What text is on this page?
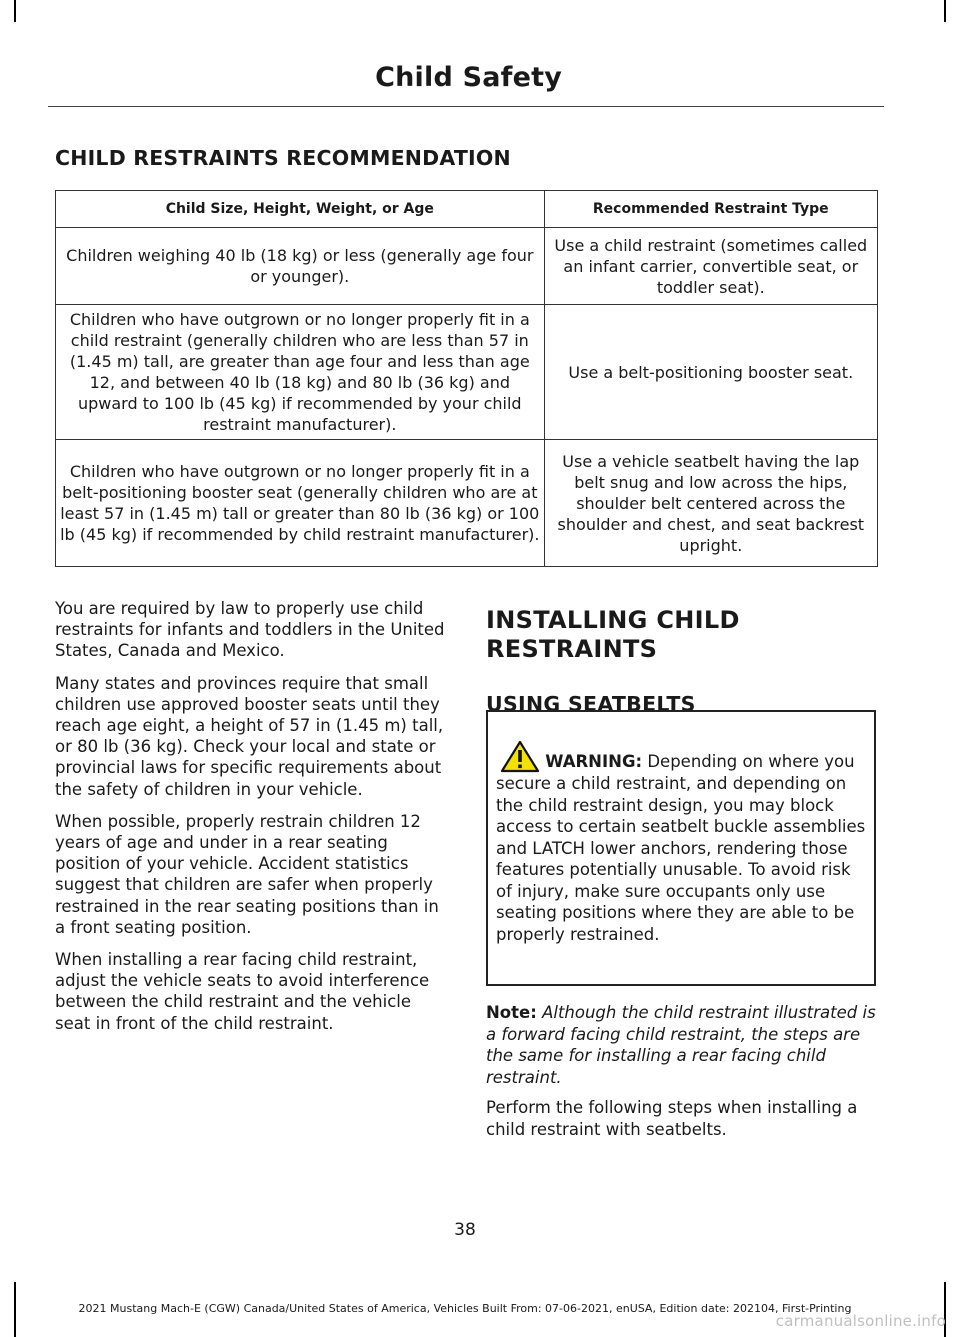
Child Safety
CHILD RESTRAINTS RECOMMENDATION
Child Size, Height, Weight, or Age	Recommended Restraint Type
Children weighing 40 lb (18 kg) or less (generally age four or younger).	Use a child restraint (sometimes called an infant carrier, convertible seat, or toddler seat).
Children who have outgrown or no longer properly fit in a child restraint (generally children who are less than 57 in (1.45 m) tall, are greater than age four and less than age 12, and between 40 lb (18 kg) and 80 lb (36 kg) and upward to 100 lb (45 kg) if recommended by your child restraint manufacturer).	Use a belt-positioning booster seat.
Children who have outgrown or no longer properly fit in a belt-positioning booster seat (generally children who are at least 57 in (1.45 m) tall or greater than 80 lb (36 kg) or 100 lb (45 kg) if recommended by child restraint manufacturer).	Use a vehicle seatbelt having the lap belt snug and low across the hips, shoulder belt centered across the shoulder and chest, and seat backrest upright.

You are required by law to properly use child restraints for infants and toddlers in the United States, Canada and Mexico.

Many states and provinces require that small children use approved booster seats until they reach age eight, a height of 57 in (1.45 m) tall, or 80 lb (36 kg). Check your local and state or provincial laws for specific requirements about the safety of children in your vehicle.

When possible, properly restrain children 12 years of age and under in a rear seating position of your vehicle. Accident statistics suggest that children are safer when properly restrained in the rear seating positions than in a front seating position.

When installing a rear facing child restraint, adjust the vehicle seats to avoid interference between the child restraint and the vehicle seat in front of the child restraint.

INSTALLING CHILD RESTRAINTS
USING SEATBELTS

WARNING: Depending on where you secure a child restraint, and depending on the child restraint design, you may block access to certain seatbelt buckle assemblies and LATCH lower anchors, rendering those features potentially unusable. To avoid risk of injury, make sure occupants only use seating positions where they are able to be properly restrained.

Note: Although the child restraint illustrated is a forward facing child restraint, the steps are the same for installing a rear facing child restraint.

Perform the following steps when installing a child restraint with seatbelts.

38
2021 Mustang Mach-E (CGW) Canada/United States of America, Vehicles Built From: 07-06-2021, enUSA, Edition date: 202104, First-Printing
carmanualsonline.info
